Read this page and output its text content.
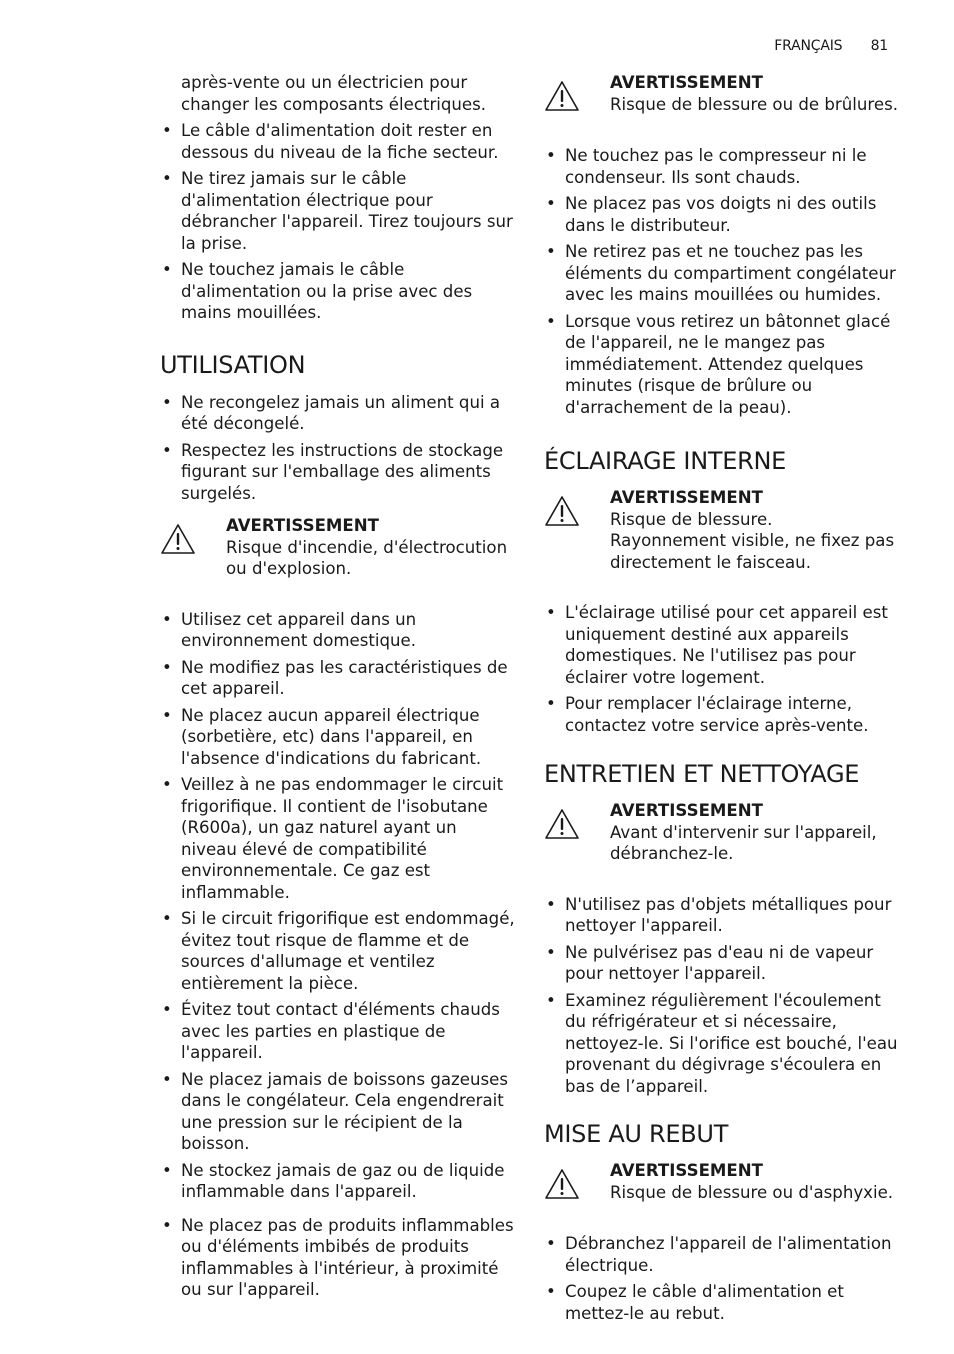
FRANÇAIS 81

après-vente ou un électricien pour changer les composants électriques.

• Le câble d'alimentation doit rester en dessous du niveau de la fiche secteur.
• Ne tirez jamais sur le câble d'alimentation électrique pour débrancher l'appareil. Tirez toujours sur la prise.
• Ne touchez jamais le câble d'alimentation ou la prise avec des mains mouillées.
UTILISATION
• Ne recongelez jamais un aliment qui a été décongelé.
• Respectez les instructions de stockage figurant sur l'emballage des aliments surgelés.
AVERTISSEMENT
Risque d'incendie, d'électrocution ou d'explosion.
• Utilisez cet appareil dans un environnement domestique.
• Ne modifiez pas les caractéristiques de cet appareil.
• Ne placez aucun appareil électrique (sorbetière, etc) dans l'appareil, en l'absence d'indications du fabricant.
• Veillez à ne pas endommager le circuit frigorifique. Il contient de l'isobutane (R600a), un gaz naturel ayant un niveau élevé de compatibilité environnementale. Ce gaz est inflammable.
• Si le circuit frigorifique est endommagé, évitez tout risque de flamme et de sources d'allumage et ventilez entièrement la pièce.
• Évitez tout contact d'éléments chauds avec les parties en plastique de l'appareil.
• Ne placez jamais de boissons gazeuses dans le congélateur. Cela engendrerait une pression sur le récipient de la boisson.
• Ne stockez jamais de gaz ou de liquide inflammable dans l'appareil.
• Ne placez pas de produits inflammables ou d'éléments imbibés de produits inflammables à l'intérieur, à proximité ou sur l'appareil.
AVERTISSEMENT
Risque de blessure ou de brûlures.
• Ne touchez pas le compresseur ni le condenseur. Ils sont chauds.
• Ne placez pas vos doigts ni des outils dans le distributeur.
• Ne retirez pas et ne touchez pas les éléments du compartiment congélateur avec les mains mouillées ou humides.
• Lorsque vous retirez un bâtonnet glacé de l'appareil, ne le mangez pas immédiatement. Attendez quelques minutes (risque de brûlure ou d'arrachement de la peau).
ÉCLAIRAGE INTERNE
AVERTISSEMENT
Risque de blessure.
Rayonnement visible, ne fixez pas directement le faisceau.
• L'éclairage utilisé pour cet appareil est uniquement destiné aux appareils domestiques. Ne l'utilisez pas pour éclairer votre logement.
• Pour remplacer l'éclairage interne, contactez votre service après-vente.
ENTRETIEN ET NETTOYAGE
AVERTISSEMENT
Avant d'intervenir sur l'appareil, débranchez-le.
• N'utilisez pas d'objets métalliques pour nettoyer l'appareil.
• Ne pulvérisez pas d'eau ni de vapeur pour nettoyer l'appareil.
• Examinez régulièrement l'écoulement du réfrigérateur et si nécessaire, nettoyez-le. Si l'orifice est bouché, l'eau provenant du dégivrage s'écoulera en bas de l’appareil.
MISE AU REBUT
AVERTISSEMENT
Risque de blessure ou d'asphyxie.
• Débranchez l'appareil de l'alimentation électrique.
• Coupez le câble d'alimentation et mettez-le au rebut.
